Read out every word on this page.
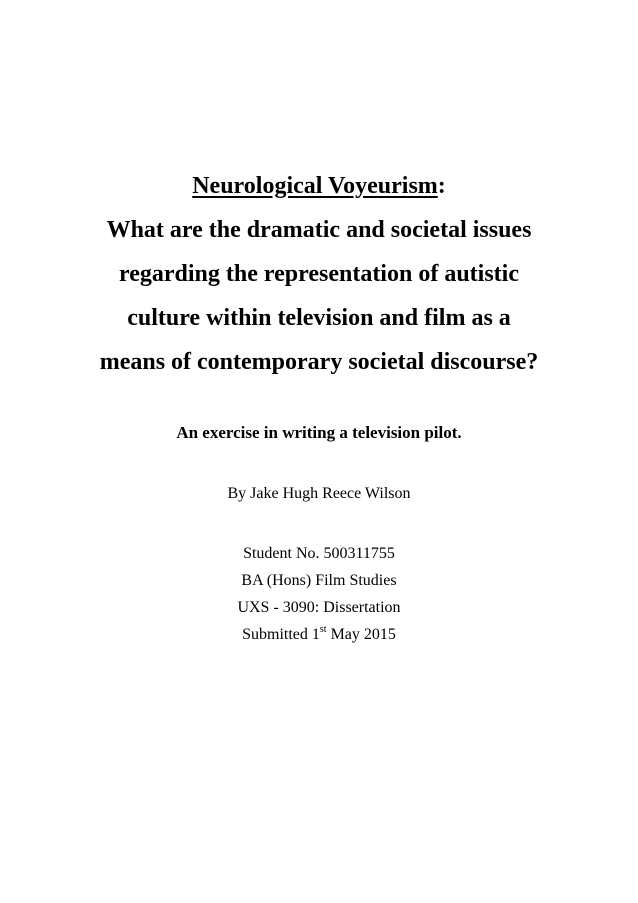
Neurological Voyeurism:
What are the dramatic and societal issues
regarding the representation of autistic
culture within television and film as a
means of contemporary societal discourse?
An exercise in writing a television pilot.
By Jake Hugh Reece Wilson
Student No. 500311755
BA (Hons) Film Studies
UXS - 3090: Dissertation
Submitted 1st May 2015
